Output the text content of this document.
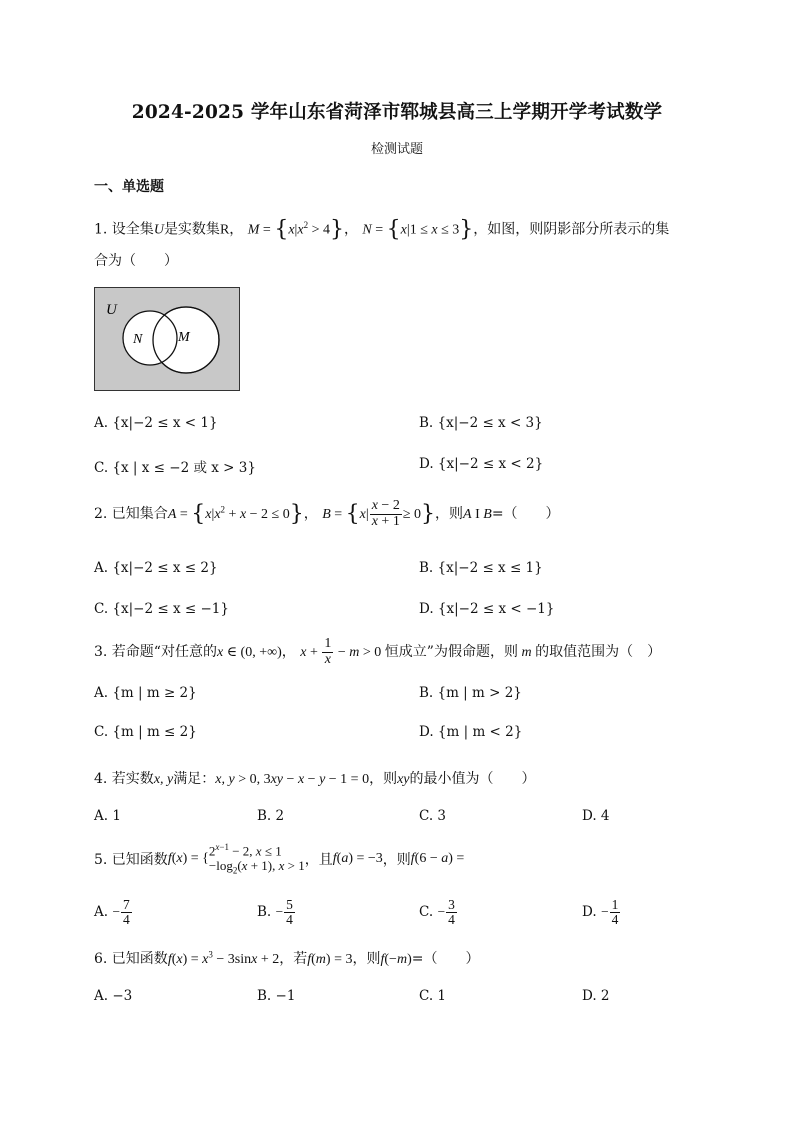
2024-2025 学年山东省菏泽市郓城县高三上学期开学考试数学
检测试题
一、单选题
1. 设全集U是实数集R， $M = \{x|x^2 > 4\}$， N = {x|1 ≤ x ≤ 3}，如图，则阴影部分所表示的集
合为（　　）
U
N	M
A. {x|−2 ≤ x < 1}	B. {x|−2 ≤ x < 3}
C. {x | x ≤ −2 或 x > 3}	D. {x|−2 ≤ x < 2}
2. 已知集合$A = \{x|x^2 + x - 2 \le 0\}$， $B = \{x| \frac{x - 2}{x + 1} \ge 0\}$，则A I B=（　　）
A. {x|−2 ≤ x ≤ 2}	B. {x|−2 ≤ x ≤ 1}
C. {x|−2 ≤ x ≤ −1}	D. {x|−2 ≤ x < −1}
3. 若命题“对任意的x ∈ (0, +∞)， $x + \frac{1}{x} - m > 0$ 恒成立”为假命题，则 m 的取值范围为（　）
A. {m | m ≥ 2}	B. {m | m > 2}
C. {m | m ≤ 2}	D. {m | m < 2}
4. 若实数x, y满足：x, y > 0, 3xy − x − y − 1 = 0，则xy的最小值为（　　）
A. 1	B. 2	C. 3	D. 4
5. 已知函数f(x) = {
$2^{x-1} - 2$, x ≤ 1
$-\log_2(x + 1)$, x > 1 ，且f(a) = −3，则f(6 − a) =
A. − $\frac{7}{4}$	B. − $\frac{5}{4}$	C. − $\frac{3}{4}$	D. − $\frac{1}{4}$
6. 已知函数$f(x) = x^3 - 3\sin x + 2$，若f(m) = 3，则f(−m)=（　　）
A. −3	B. −1	C. 1	D. 2
